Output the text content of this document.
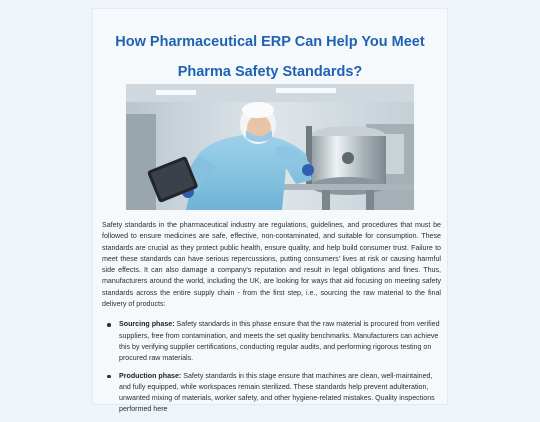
How Pharmaceutical ERP Can Help You Meet
Pharma Safety Standards?

Safety standards in the pharmaceutical industry are regulations, guidelines, and procedures that must be followed to ensure medicines are safe, effective, non-contaminated, and suitable for consumption. These standards are crucial as they protect public health, ensure quality, and help build consumer trust. Failure to meet these standards can have serious repercussions, putting consumers' lives at risk or causing harmful side effects. It can also damage a company's reputation and result in legal obligations and fines. Thus, manufacturers around the world, including the UK, are looking for ways that aid focusing on meeting safety standards across the entire supply chain - from the first step, i.e., sourcing the raw material to the final delivery of products:

Sourcing phase: Safety standards in this phase ensure that the raw material is procured from verified suppliers, free from contamination, and meets the set quality benchmarks. Manufacturers can achieve this by verifying supplier certifications, conducting regular audits, and performing rigorous testing on procured raw materials.
Production phase: Safety standards in this stage ensure that machines are clean, well-maintained, and fully equipped, while workspaces remain sterilized. These standards help prevent adulteration, unwanted mixing of materials, worker safety, and other hygiene-related mistakes. Quality inspections performed here
